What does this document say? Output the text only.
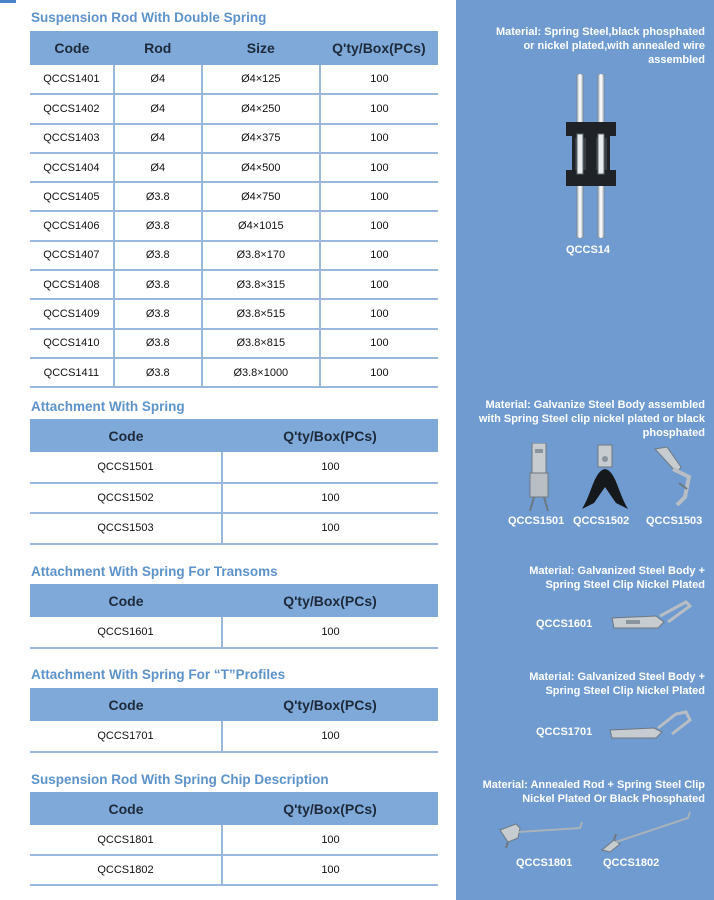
Suspension Rod With Double Spring
Code	Rod	Size	Q'ty/Box(PCs)
QCCS1401	Ø4	Ø4×125	100
QCCS1402	Ø4	Ø4×250	100
QCCS1403	Ø4	Ø4×375	100
QCCS1404	Ø4	Ø4×500	100
QCCS1405	Ø3.8	Ø4×750	100
QCCS1406	Ø3.8	Ø4×1015	100
QCCS1407	Ø3.8	Ø3.8×170	100
QCCS1408	Ø3.8	Ø3.8×315	100
QCCS1409	Ø3.8	Ø3.8×515	100
QCCS1410	Ø3.8	Ø3.8×815	100
QCCS1411	Ø3.8	Ø3.8×1000	100
Attachment With Spring
Code	Q'ty/Box(PCs)
QCCS1501	100
QCCS1502	100
QCCS1503	100
Attachment With Spring For Transoms
Code	Q'ty/Box(PCs)
QCCS1601	100
Attachment With Spring For “T”Profiles
Code	Q'ty/Box(PCs)
QCCS1701	100
Suspension Rod With Spring Chip Description
Code	Q'ty/Box(PCs)
QCCS1801	100
QCCS1802	100
Material: Spring Steel,black phosphated or nickel plated,with annealed wire assembled
QCCS14
Material: Galvanize Steel Body assembled with Spring Steel clip nickel plated or black phosphated
QCCS1501 QCCS1502 QCCS1503
Material: Galvanized Steel Body + Spring Steel Clip Nickel Plated
QCCS1601
Material: Galvanized Steel Body + Spring Steel Clip Nickel Plated
QCCS1701
Material: Annealed Rod + Spring Steel Clip Nickel Plated Or Black Phosphated
QCCS1801	QCCS1802
